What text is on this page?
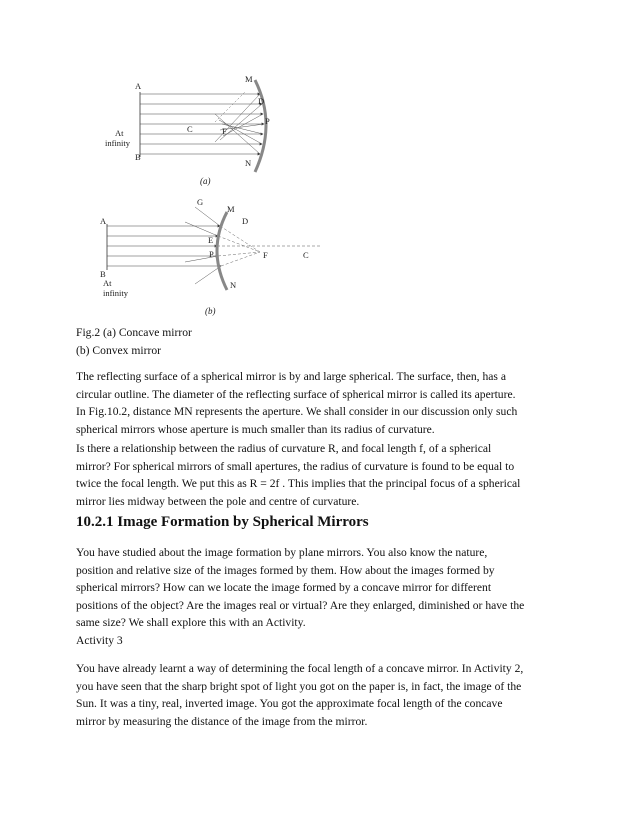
A
B
C	F
M
D
P
N
At
infinity
(a)
A
B
G
M
D
E
P	F	C
N
At
infinity
(b)

Fig.2 (a) Concave mirror
(b) Convex mirror

The reflecting surface of a spherical mirror is by and large spherical. The surface, then, has a
circular outline. The diameter of the reflecting surface of spherical mirror is called its aperture.
In Fig.10.2, distance MN represents the aperture. We shall consider in our discussion only such
spherical mirrors whose aperture is much smaller than its radius of curvature.

Is there a relationship between the radius of curvature R, and focal length f, of a spherical
mirror? For spherical mirrors of small apertures, the radius of curvature is found to be equal to
twice the focal length. We put this as R = 2f . This implies that the principal focus of a spherical
mirror lies midway between the pole and centre of curvature.

10.2.1 Image Formation by Spherical Mirrors

You have studied about the image formation by plane mirrors. You also know the nature,
position and relative size of the images formed by them. How about the images formed by
spherical mirrors? How can we locate the image formed by a concave mirror for different
positions of the object? Are the images real or virtual? Are they enlarged, diminished or have the
same size? We shall explore this with an Activity.

Activity 3

You have already learnt a way of determining the focal length of a concave mirror. In Activity 2,
you have seen that the sharp bright spot of light you got on the paper is, in fact, the image of the
Sun. It was a tiny, real, inverted image. You got the approximate focal length of the concave
mirror by measuring the distance of the image from the mirror.
